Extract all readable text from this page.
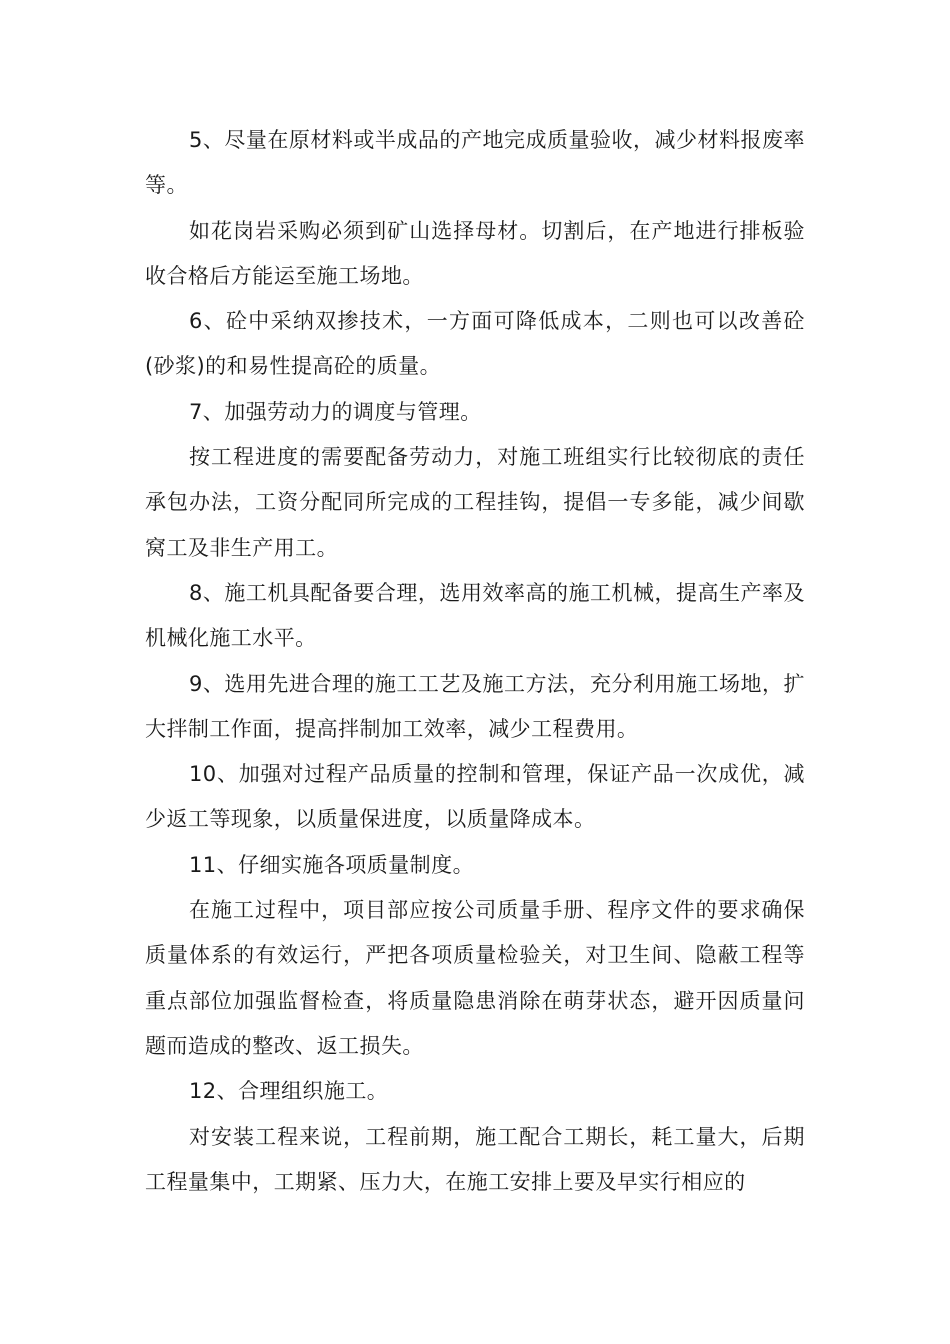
5、尽量在原材料或半成品的产地完成质量验收，减少材料报废率等。

如花岗岩采购必须到矿山选择母材。切割后，在产地进行排板验收合格后方能运至施工场地。

6、砼中采纳双掺技术，一方面可降低成本，二则也可以改善砼(砂浆)的和易性提高砼的质量。

7、加强劳动力的调度与管理。

按工程进度的需要配备劳动力，对施工班组实行比较彻底的责任承包办法，工资分配同所完成的工程挂钩，提倡一专多能，减少间歇窝工及非生产用工。

8、施工机具配备要合理，选用效率高的施工机械，提高生产率及机械化施工水平。

9、选用先进合理的施工工艺及施工方法，充分利用施工场地，扩大拌制工作面，提高拌制加工效率，减少工程费用。

10、加强对过程产品质量的控制和管理，保证产品一次成优，减少返工等现象，以质量保进度，以质量降成本。

11、仔细实施各项质量制度。

在施工过程中，项目部应按公司质量手册、程序文件的要求确保质量体系的有效运行，严把各项质量检验关，对卫生间、隐蔽工程等重点部位加强监督检查，将质量隐患消除在萌芽状态，避开因质量问题而造成的整改、返工损失。

12、合理组织施工。

对安装工程来说，工程前期，施工配合工期长，耗工量大，后期工程量集中，工期紧、压力大，在施工安排上要及早实行相应的
